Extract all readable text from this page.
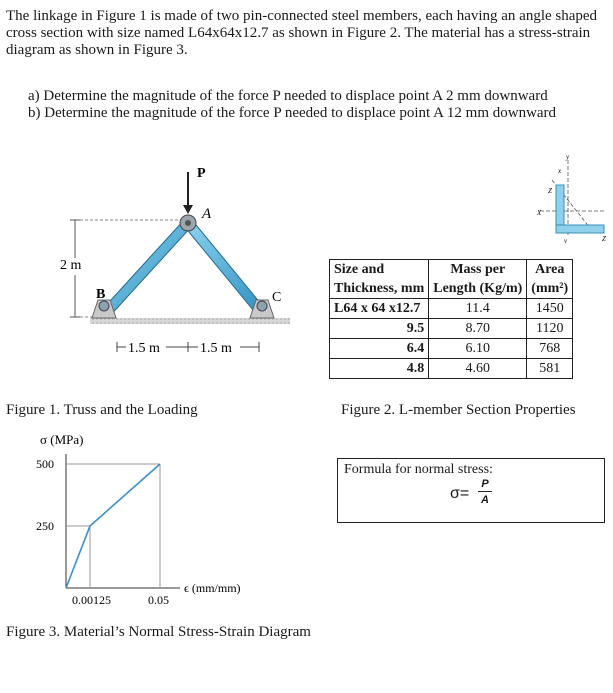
The linkage in Figure 1 is made of two pin-connected steel members, each having an angle shaped cross section with size named L64x64x12.7 as shown in Figure 2. The material has a stress-strain diagram as shown in Figure 3.
a) Determine the magnitude of the force P needed to displace point A 2 mm downward
b) Determine the magnitude of the force P needed to displace point A 12 mm downward
2 m
P
A
B	C
1.5 m	1.5 m
Figure 1. Truss and the Loading
X
y
Z
Z
v
x
Size and	Mass per	Area
Thickness, mm	Length (Kg/m)	(mm²)
L64 x 64 x12.7	11.4	1450
9.5	8.70	1120
6.4	6.10	768
4.8	4.60	581
Figure 2. L-member Section Properties
Formula for normal stress:
σ=
P
A
σ (MPa)
ϵ (mm/mm)
500
250
0.00125	0.05
Figure 3. Material’s Normal Stress-Strain Diagram
